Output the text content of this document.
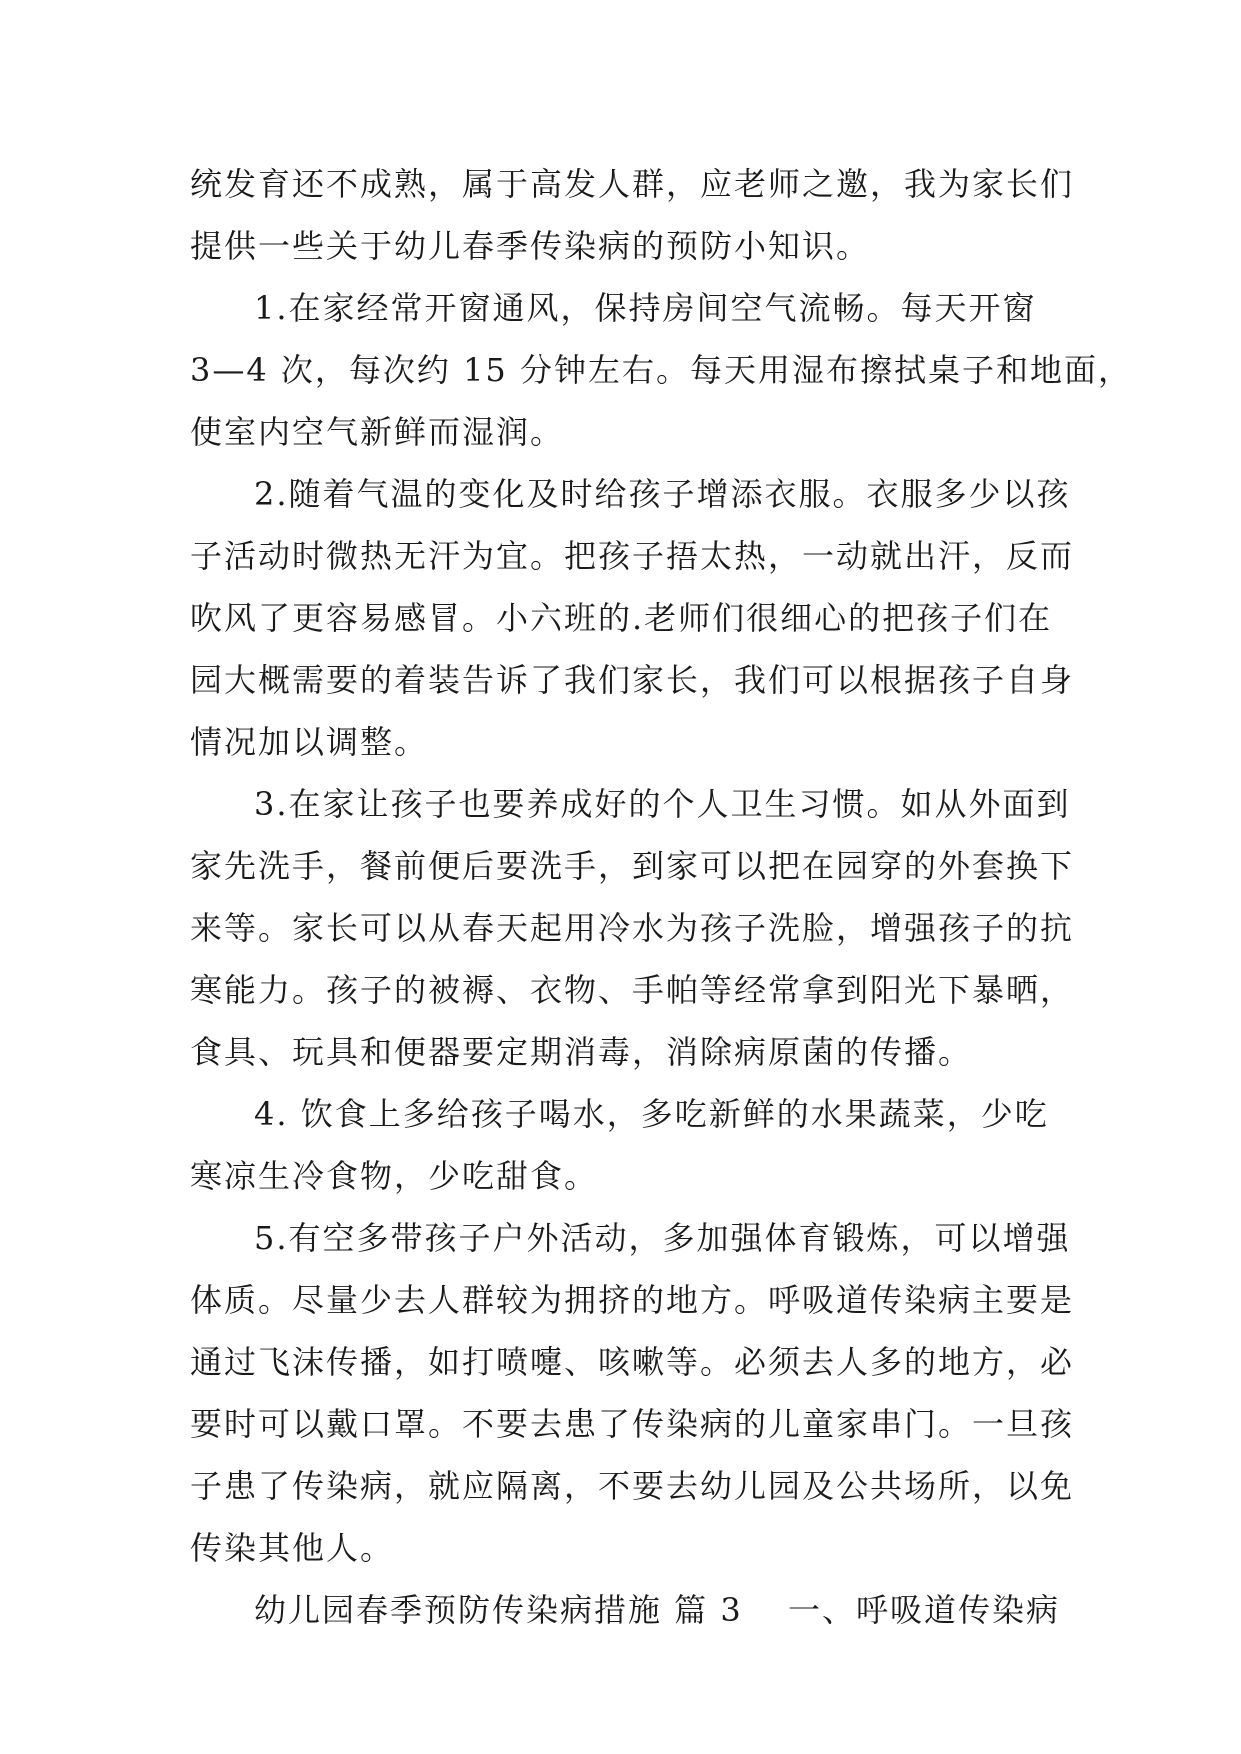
统发育还不成熟，属于高发人群，应老师之邀，我为家长们
提供一些关于幼儿春季传染病的预防小知识。
1.在家经常开窗通风，保持房间空气流畅。每天开窗
3—4 次，每次约 15 分钟左右。每天用湿布擦拭桌子和地面，
使室内空气新鲜而湿润。
2.随着气温的变化及时给孩子增添衣服。衣服多少以孩
子活动时微热无汗为宜。把孩子捂太热，一动就出汗，反而
吹风了更容易感冒。小六班的.老师们很细心的把孩子们在
园大概需要的着装告诉了我们家长，我们可以根据孩子自身
情况加以调整。
3.在家让孩子也要养成好的个人卫生习惯。如从外面到
家先洗手，餐前便后要洗手，到家可以把在园穿的外套换下
来等。家长可以从春天起用冷水为孩子洗脸，增强孩子的抗
寒能力。孩子的被褥、衣物、手帕等经常拿到阳光下暴晒，
食具、玩具和便器要定期消毒，消除病原菌的传播。
4. 饮食上多给孩子喝水，多吃新鲜的水果蔬菜，少吃
寒凉生冷食物，少吃甜食。
5.有空多带孩子户外活动，多加强体育锻炼，可以增强
体质。尽量少去人群较为拥挤的地方。呼吸道传染病主要是
通过飞沫传播，如打喷嚏、咳嗽等。必须去人多的地方，必
要时可以戴口罩。不要去患了传染病的儿童家串门。一旦孩
子患了传染病，就应隔离，不要去幼儿园及公共场所，以免
传染其他人。
幼儿园春季预防传染病措施 篇 3 一、呼吸道传染病
